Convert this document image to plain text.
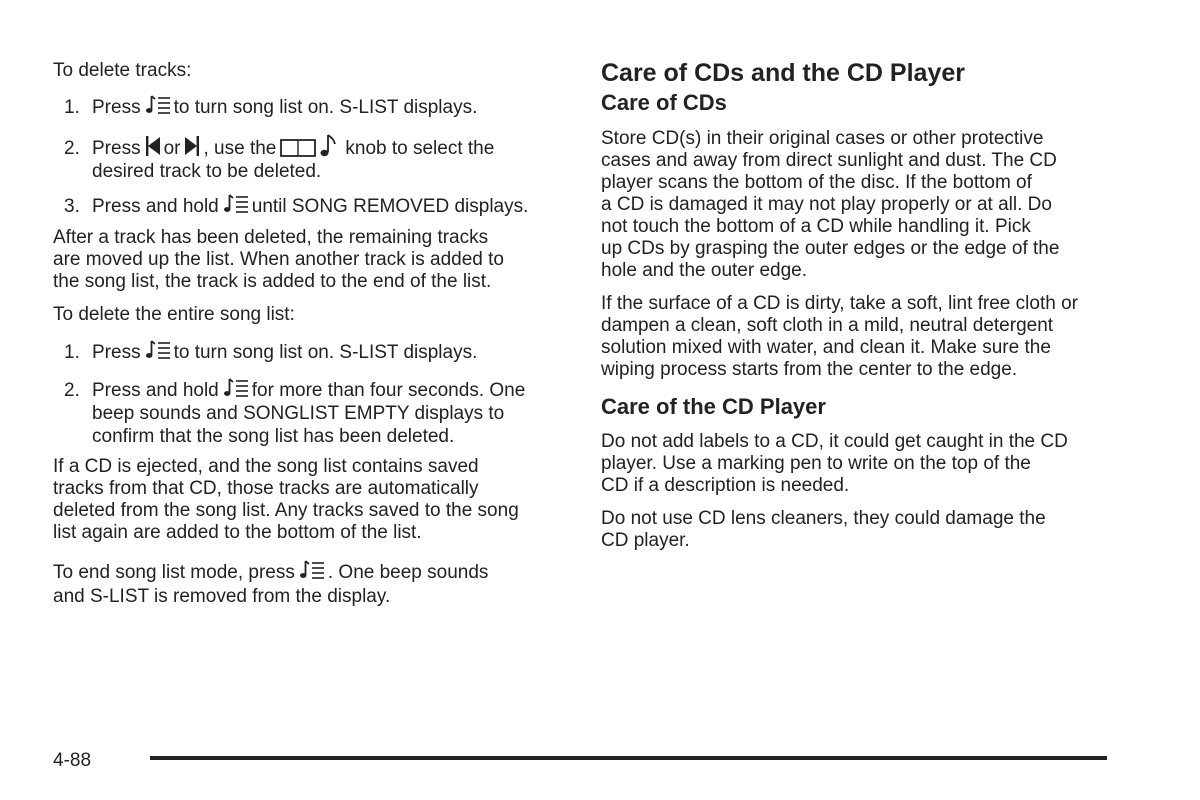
To delete tracks:

1. Press to turn song list on. S-LIST displays.
2. Press or , use the	knob to select the
desired track to be deleted.
3. Press and hold until SONG REMOVED displays.
After a track has been deleted, the remaining tracks
are moved up the list. When another track is added to
the song list, the track is added to the end of the list.

To delete the entire song list:

1. Press to turn song list on. S-LIST displays.
2. Press and hold for more than four seconds. One
beep sounds and SONGLIST EMPTY displays to
confirm that the song list has been deleted.
If a CD is ejected, and the song list contains saved
tracks from that CD, those tracks are automatically
deleted from the song list. Any tracks saved to the song
list again are added to the bottom of the list.
To end song list mode, press . One beep sounds
and S-LIST is removed from the display.
Care of CDs and the CD Player
Care of CDs
Store CD(s) in their original cases or other protective
cases and away from direct sunlight and dust. The CD
player scans the bottom of the disc. If the bottom of
a CD is damaged it may not play properly or at all. Do
not touch the bottom of a CD while handling it. Pick
up CDs by grasping the outer edges or the edge of the
hole and the outer edge.
If the surface of a CD is dirty, take a soft, lint free cloth or
dampen a clean, soft cloth in a mild, neutral detergent
solution mixed with water, and clean it. Make sure the
wiping process starts from the center to the edge.
Care of the CD Player
Do not add labels to a CD, it could get caught in the CD
player. Use a marking pen to write on the top of the
CD if a description is needed.
Do not use CD lens cleaners, they could damage the
CD player.
4-88
